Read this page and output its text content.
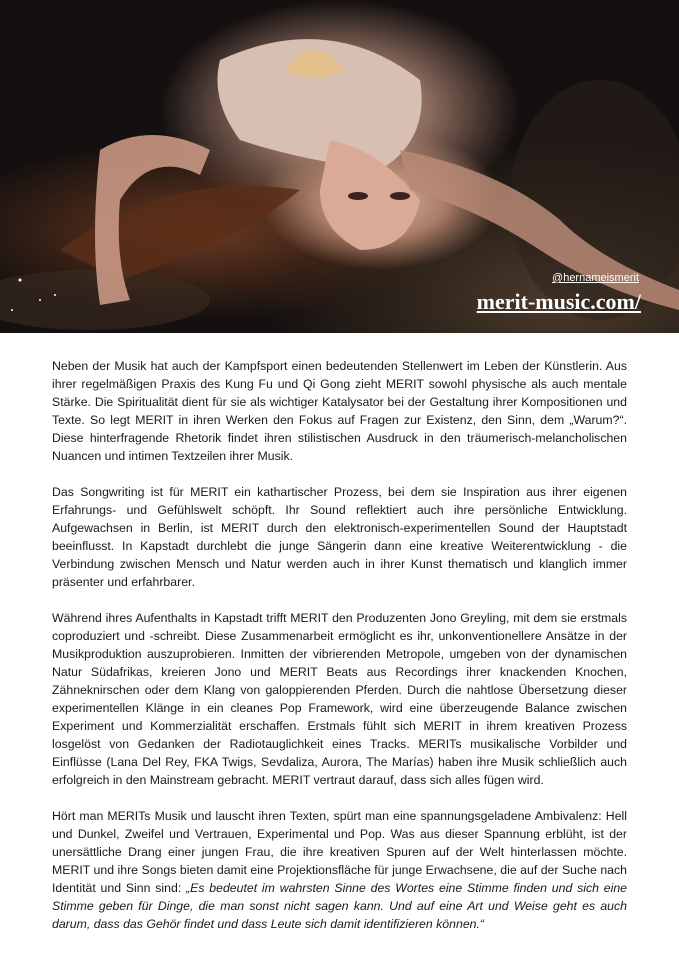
@hernameismerit
merit-music.com/

Neben der Musik hat auch der Kampfsport einen bedeutenden Stellenwert im Leben der Künstlerin. Aus ihrer regelmäßigen Praxis des Kung Fu und Qi Gong zieht MERIT sowohl physische als auch mentale Stärke. Die Spiritualität dient für sie als wichtiger Katalysator bei der Gestaltung ihrer Kompositionen und Texte. So legt MERIT in ihren Werken den Fokus auf Fragen zur Existenz, den Sinn, dem „Warum?“. Diese hinterfragende Rhetorik findet ihren stilistischen Ausdruck in den träumerisch-melancholischen Nuancen und intimen Textzeilen ihrer Musik.

Das Songwriting ist für MERIT ein kathartischer Prozess, bei dem sie Inspiration aus ihrer eigenen Erfahrungs- und Gefühlswelt schöpft. Ihr Sound reflektiert auch ihre persönliche Entwicklung. Aufgewachsen in Berlin, ist MERIT durch den elektronisch-experimentellen Sound der Hauptstadt beeinflusst. In Kapstadt durchlebt die junge Sängerin dann eine kreative Weiterentwicklung - die Verbindung zwischen Mensch und Natur werden auch in ihrer Kunst thematisch und klanglich immer präsenter und erfahrbarer.

Während ihres Aufenthalts in Kapstadt trifft MERIT den Produzenten Jono Greyling, mit dem sie erstmals coproduziert und -schreibt. Diese Zusammenarbeit ermöglicht es ihr, unkonventionellere Ansätze in der Musikproduktion auszuprobieren. Inmitten der vibrierenden Metropole, umgeben von der dynamischen Natur Südafrikas, kreieren Jono und MERIT Beats aus Recordings ihrer knackenden Knochen, Zähneknirschen oder dem Klang von galoppierenden Pferden. Durch die nahtlose Übersetzung dieser experimentellen Klänge in ein cleanes Pop Framework, wird eine überzeugende Balance zwischen Experiment und Kommerzialität erschaffen. Erstmals fühlt sich MERIT in ihrem kreativen Prozess losgelöst von Gedanken der Radiotauglichkeit eines Tracks. MERITs musikalische Vorbilder und Einflüsse (Lana Del Rey, FKA Twigs, Sevdaliza, Aurora, The Marías) haben ihre Musik schließlich auch erfolgreich in den Mainstream gebracht. MERIT vertraut darauf, dass sich alles fügen wird.

Hört man MERITs Musik und lauscht ihren Texten, spürt man eine spannungsgeladene Ambivalenz: Hell und Dunkel, Zweifel und Vertrauen, Experimental und Pop. Was aus dieser Spannung erblüht, ist der unersättliche Drang einer jungen Frau, die ihre kreativen Spuren auf der Welt hinterlassen möchte. MERIT und ihre Songs bieten damit eine Projektionsfläche für junge Erwachsene, die auf der Suche nach Identität und Sinn sind: „Es bedeutet im wahrsten Sinne des Wortes eine Stimme finden und sich eine Stimme geben für Dinge, die man sonst nicht sagen kann. Und auf eine Art und Weise geht es auch darum, dass das Gehör findet und dass Leute sich damit identifizieren können.“
